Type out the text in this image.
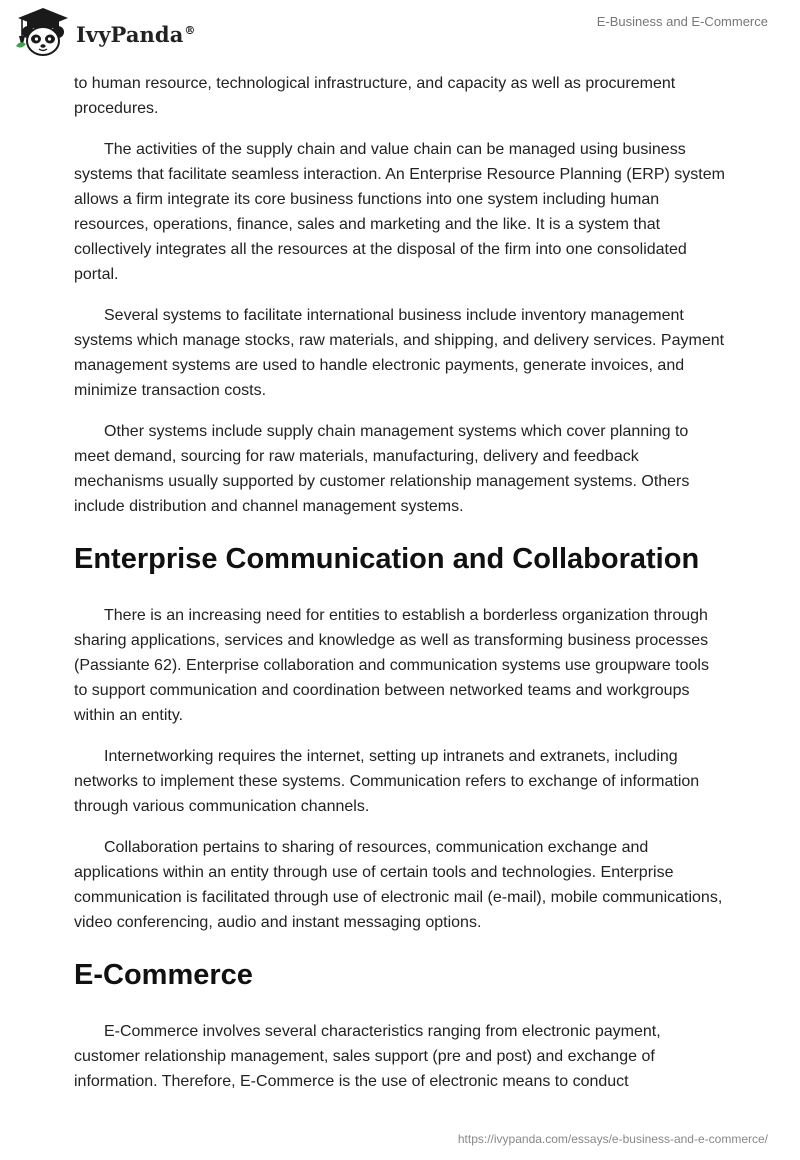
IvyPanda®
E-Business and E-Commerce

to human resource, technological infrastructure, and capacity as well as procurement procedures.

The activities of the supply chain and value chain can be managed using business systems that facilitate seamless interaction. An Enterprise Resource Planning (ERP) system allows a firm integrate its core business functions into one system including human resources, operations, finance, sales and marketing and the like. It is a system that collectively integrates all the resources at the disposal of the firm into one consolidated portal.

Several systems to facilitate international business include inventory management systems which manage stocks, raw materials, and shipping, and delivery services. Payment management systems are used to handle electronic payments, generate invoices, and minimize transaction costs.

Other systems include supply chain management systems which cover planning to meet demand, sourcing for raw materials, manufacturing, delivery and feedback mechanisms usually supported by customer relationship management systems. Others include distribution and channel management systems.

Enterprise Communication and Collaboration

There is an increasing need for entities to establish a borderless organization through sharing applications, services and knowledge as well as transforming business processes (Passiante 62). Enterprise collaboration and communication systems use groupware tools to support communication and coordination between networked teams and workgroups within an entity.

Internetworking requires the internet, setting up intranets and extranets, including networks to implement these systems. Communication refers to exchange of information through various communication channels.

Collaboration pertains to sharing of resources, communication exchange and applications within an entity through use of certain tools and technologies. Enterprise communication is facilitated through use of electronic mail (e-mail), mobile communications, video conferencing, audio and instant messaging options.

E-Commerce

E-Commerce involves several characteristics ranging from electronic payment, customer relationship management, sales support (pre and post) and exchange of information. Therefore, E-Commerce is the use of electronic means to conduct

https://ivypanda.com/essays/e-business-and-e-commerce/
